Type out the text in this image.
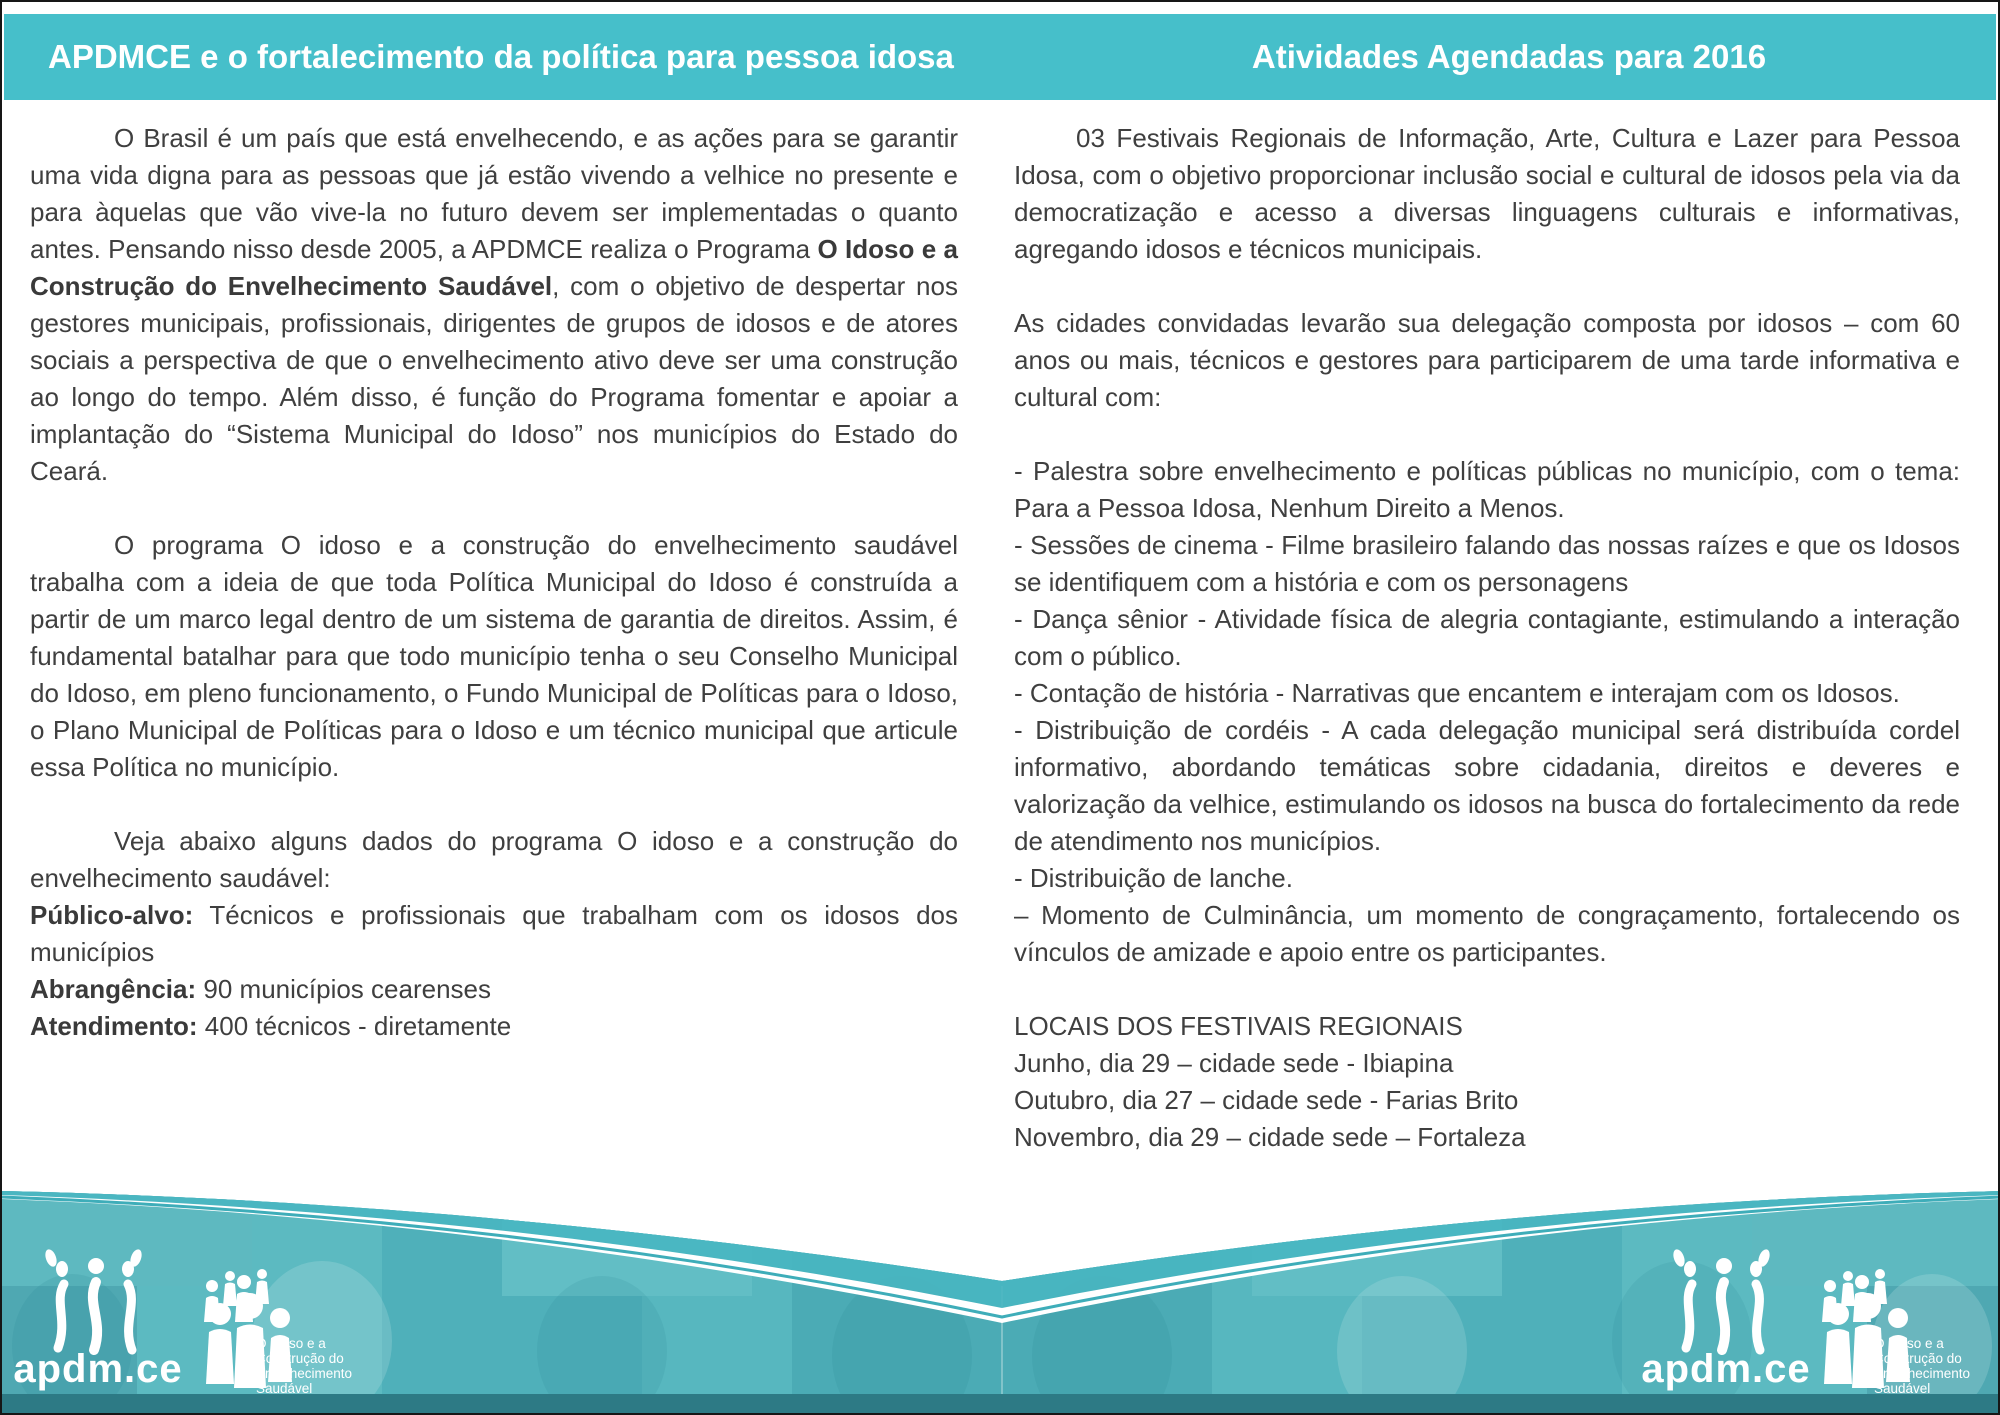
APDMCE e o fortalecimento da política para pessoa idosa	Atividades Agendadas para 2016

O Brasil é um país que está envelhecendo, e as ações para se garantir uma vida digna para as pessoas que já estão vivendo a velhice no presente e para àquelas que vão vive-la no futuro devem ser implementadas o quanto antes. Pensando nisso desde 2005, a APDMCE realiza o Programa O Idoso e a Construção do Envelhecimento Saudável, com o objetivo de despertar nos gestores municipais, profissionais, dirigentes de grupos de idosos e de atores sociais a perspectiva de que o envelhecimento ativo deve ser uma construção ao longo do tempo. Além disso, é função do Programa fomentar e apoiar a implantação do “Sistema Municipal do Idoso” nos municípios do Estado do Ceará.

O programa O idoso e a construção do envelhecimento saudável trabalha com a ideia de que toda Política Municipal do Idoso é construída a partir de um marco legal dentro de um sistema de garantia de direitos. Assim, é fundamental batalhar para que todo município tenha o seu Conselho Municipal do Idoso, em pleno funcionamento, o Fundo Municipal de Políticas para o Idoso, o Plano Municipal de Políticas para o Idoso e um técnico municipal que articule essa Política no município.

Veja abaixo alguns dados do programa O idoso e a construção do envelhecimento saudável:

Público-alvo: Técnicos e profissionais que trabalham com os idosos dos municípios
Abrangência: 90 municípios cearenses
Atendimento: 400 técnicos - diretamente

03 Festivais Regionais de Informação, Arte, Cultura e Lazer para Pessoa Idosa, com o objetivo proporcionar inclusão social e cultural de idosos pela via da democratização e acesso a diversas linguagens culturais e informativas, agregando idosos e técnicos municipais.

As cidades convidadas levarão sua delegação composta por idosos – com 60 anos ou mais, técnicos e gestores para participarem de uma tarde informativa e cultural com:

- Palestra sobre envelhecimento e políticas públicas no município, com o tema: Para a Pessoa Idosa, Nenhum Direito a Menos.
- Sessões de cinema - Filme brasileiro falando das nossas raízes e que os Idosos se identifiquem com a história e com os personagens
- Dança sênior - Atividade física de alegria contagiante, estimulando a interação com o público.
- Contação de história - Narrativas que encantem e interajam com os Idosos.
- Distribuição de cordéis - A cada delegação municipal será distribuída cordel informativo, abordando temáticas sobre cidadania, direitos e deveres e valorização da velhice, estimulando os idosos na busca do fortalecimento da rede de atendimento nos municípios.
- Distribuição de lanche.
– Momento de Culminância, um momento de congraçamento, fortalecendo os vínculos de amizade e apoio entre os participantes.
LOCAIS DOS FESTIVAIS REGIONAIS
Junho, dia 29 – cidade sede - Ibiapina
Outubro, dia 27 – cidade sede - Farias Brito
Novembro, dia 29 – cidade sede – Fortaleza
apdm.ce
O Idoso e a
Construção do
Envelhecimento
Saudável	apdm.ce
O Idoso e a
Construção do
Envelhecimento
Saudável
